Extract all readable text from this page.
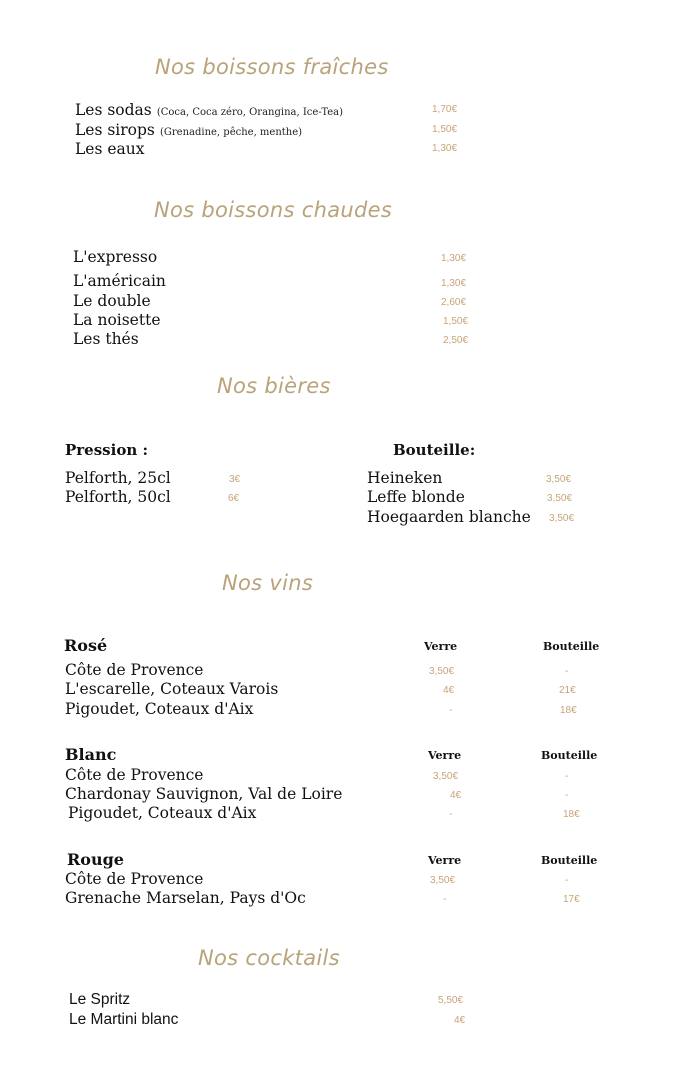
Nos boissons fraîches
Les sodas (Coca, Coca zéro, Orangina, Ice-Tea)	1,70€
Les sirops (Grenadine, pêche, menthe)	1,50€
Les eaux	1,30€
Nos boissons chaudes
L'expresso	1,30€
L'américain	1,30€
Le double	2,60€
La noisette	1,50€
Les thés	2,50€
Nos bières
Pression :	Bouteille:
Pelforth, 25cl	3€
Pelforth, 50cl	6€
Heineken	3,50€
Leffe blonde	3,50€
Hoegaarden blanche 3,50€
Nos vins
Rosé	Verre	Bouteille
Côte de Provence	3,50€	-
L'escarelle, Coteaux Varois	4€	21€
Pigoudet, Coteaux d'Aix	-	18€
Blanc	Verre	Bouteille
Côte de Provence	3,50€	-
Chardonay Sauvignon, Val de Loire	4€	-
Pigoudet, Coteaux d'Aix	-	18€
Rouge	Verre	Bouteille
Côte de Provence	3,50€	-
Grenache Marselan, Pays d'Oc	-	17€
Nos cocktails
Le Spritz	5,50€
Le Martini blanc	4€
